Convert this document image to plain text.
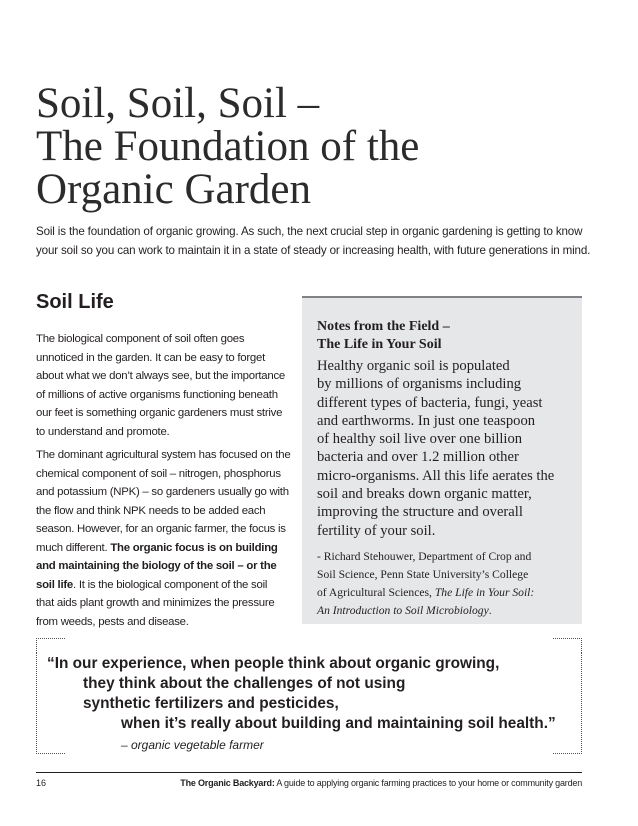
Soil, Soil, Soil –
The Foundation of the
Organic Garden

Soil is the foundation of organic growing. As such, the next crucial step in organic gardening is getting to know your soil so you can work to maintain it in a state of steady or increasing health, with future generations in mind.

Soil Life

The biological component of soil often goes

unnoticed in the garden. It can be easy to forget

about what we don’t always see, but the importance

of millions of active organisms functioning beneath

our feet is something organic gardeners must strive

to understand and promote.

The dominant agricultural system has focused on the

chemical component of soil – nitrogen, phosphorus

and potassium (NPK) – so gardeners usually go with

the flow and think NPK needs to be added each

season. However, for an organic farmer, the focus is

much different. The organic focus is on building

and maintaining the biology of the soil – or the

soil life. It is the biological component of the soil

that aids plant growth and minimizes the pressure

from weeds, pests and disease.

Notes from the Field –
The Life in Your Soil
Healthy organic soil is populated
by millions of organisms including
different types of bacteria, fungi, yeast
and earthworms. In just one teaspoon
of healthy soil live over one billion
bacteria and over 1.2 million other
micro-organisms. All this life aerates the
soil and breaks down organic matter,
improving the structure and overall
fertility of your soil.
- Richard Stehouwer, Department of Crop and
Soil Science, Penn State University’s College
of Agricultural Sciences, The Life in Your Soil:
An Introduction to Soil Microbiology.
“In our experience, when people think about organic growing,
they think about the challenges of not using
synthetic fertilizers and pesticides,
when it’s really about building and maintaining soil health.”
– organic vegetable farmer
16	The Organic Backyard: A guide to applying organic farming practices to your home or community garden
